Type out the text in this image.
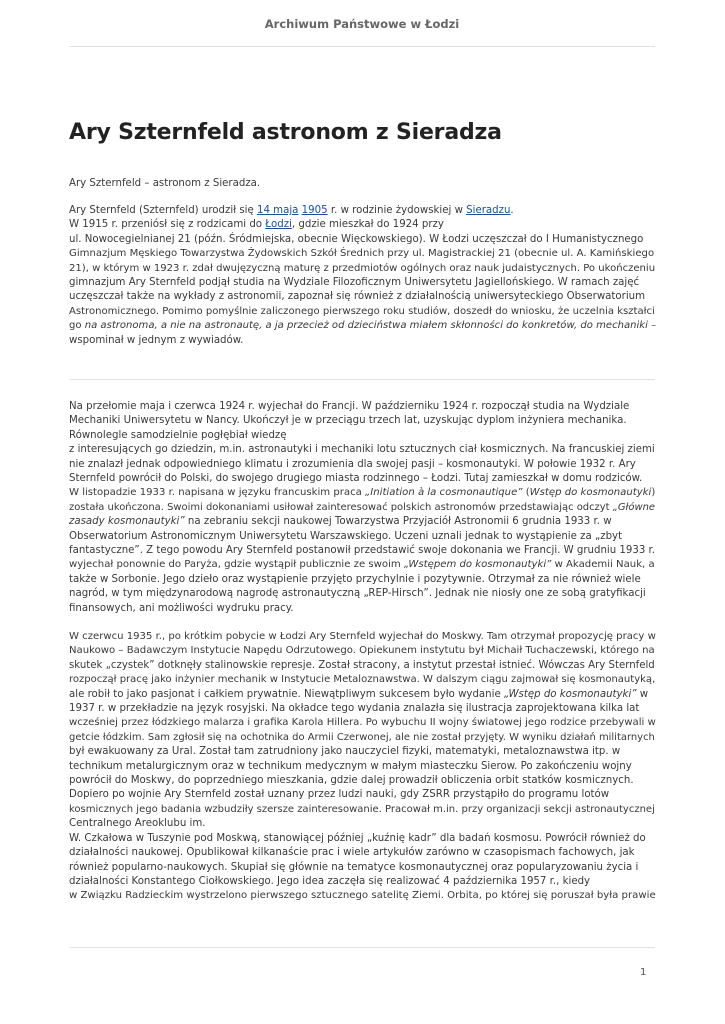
Archiwum Państwowe w Łodzi
Ary Szternfeld astronom z Sieradza

Ary Szternfeld – astronom z Sieradza.

Ary Sternfeld (Szternfeld) urodził się 14 maja 1905 r. w rodzinie żydowskiej w Sieradzu.
W 1915 r. przeniósł się z rodzicami do Łodzi, gdzie mieszkał do 1924 przy
ul. Nowocegielnianej 21 (późn. Śródmiejska, obecnie Więckowskiego). W Łodzi uczęszczał do I Humanistycznego
Gimnazjum Męskiego Towarzystwa Żydowskich Szkół Średnich przy ul. Magistrackiej 21 (obecnie ul. A. Kamińskiego
21), w którym w 1923 r. zdał dwujęzyczną maturę z przedmiotów ogólnych oraz nauk judaistycznych. Po ukończeniu
gimnazjum Ary Sternfeld podjął studia na Wydziale Filozoficznym Uniwersytetu Jagiellońskiego. W ramach zajęć
uczęszczał także na wykłady z astronomii, zapoznał się również z działalnością uniwersyteckiego Obserwatorium
Astronomicznego. Pomimo pomyślnie zaliczonego pierwszego roku studiów, doszedł do wniosku, że uczelnia kształci
go na astronoma, a nie na astronautę, a ja przecież od dzieciństwa miałem skłonności do konkretów, do mechaniki –
wspominał w jednym z wywiadów.

Na przełomie maja i czerwca 1924 r. wyjechał do Francji. W październiku 1924 r. rozpoczął studia na Wydziale
Mechaniki Uniwersytetu w Nancy. Ukończył je w przeciągu trzech lat, uzyskując dyplom inżyniera mechanika.
Równolegle samodzielnie pogłębiał wiedzę
z interesujących go dziedzin, m.in. astronautyki i mechaniki lotu sztucznych ciał kosmicznych. Na francuskiej ziemi
nie znalazł jednak odpowiedniego klimatu i zrozumienia dla swojej pasji – kosmonautyki. W połowie 1932 r. Ary
Sternfeld powrócił do Polski, do swojego drugiego miasta rodzinnego – Łodzi. Tutaj zamieszkał w domu rodziców.
W listopadzie 1933 r. napisana w języku francuskim praca „Initiation à la cosmonautique” (Wstęp do kosmonautyki)
została ukończona. Swoimi dokonaniami usiłował zainteresować polskich astronomów przedstawiając odczyt „Główne
zasady kosmonautyki” na zebraniu sekcji naukowej Towarzystwa Przyjaciół Astronomii 6 grudnia 1933 r. w
Obserwatorium Astronomicznym Uniwersytetu Warszawskiego. Uczeni uznali jednak to wystąpienie za „zbyt
fantastyczne”. Z tego powodu Ary Sternfeld postanowił przedstawić swoje dokonania we Francji. W grudniu 1933 r.
wyjechał ponownie do Paryża, gdzie wystąpił publicznie ze swoim „Wstępem do kosmonautyki” w Akademii Nauk, a
także w Sorbonie. Jego dzieło oraz wystąpienie przyjęto przychylnie i pozytywnie. Otrzymał za nie również wiele
nagród, w tym międzynarodową nagrodę astronautyczną „REP-Hirsch”. Jednak nie niosły one ze sobą gratyfikacji
finansowych, ani możliwości wydruku pracy.

W czerwcu 1935 r., po krótkim pobycie w Łodzi Ary Sternfeld wyjechał do Moskwy. Tam otrzymał propozycję pracy w
Naukowo – Badawczym Instytucie Napędu Odrzutowego. Opiekunem instytutu był Michaił Tuchaczewski, którego na
skutek „czystek” dotknęły stalinowskie represje. Został stracony, a instytut przestał istnieć. Wówczas Ary Sternfeld
rozpoczął pracę jako inżynier mechanik w Instytucie Metaloznawstwa. W dalszym ciągu zajmował się kosmonautyką,
ale robił to jako pasjonat i całkiem prywatnie. Niewątpliwym sukcesem było wydanie „Wstęp do kosmonautyki” w
1937 r. w przekładzie na język rosyjski. Na okładce tego wydania znalazła się ilustracja zaprojektowana kilka lat
wcześniej przez łódzkiego malarza i grafika Karola Hillera. Po wybuchu II wojny światowej jego rodzice przebywali w
getcie łódzkim. Sam zgłosił się na ochotnika do Armii Czerwonej, ale nie został przyjęty. W wyniku działań militarnych
był ewakuowany za Ural. Został tam zatrudniony jako nauczyciel fizyki, matematyki, metaloznawstwa itp. w
technikum metalurgicznym oraz w technikum medycznym w małym miasteczku Sierow. Po zakończeniu wojny
powrócił do Moskwy, do poprzedniego mieszkania, gdzie dalej prowadził obliczenia orbit statków kosmicznych.
Dopiero po wojnie Ary Sternfeld został uznany przez ludzi nauki, gdy ZSRR przystąpiło do programu lotów
kosmicznych jego badania wzbudziły szersze zainteresowanie. Pracował m.in. przy organizacji sekcji astronautycznej
Centralnego Areoklubu im.
W. Czkałowa w Tuszynie pod Moskwą, stanowiącej później „kuźnię kadr” dla badań kosmosu. Powrócił również do
działalności naukowej. Opublikował kilkanaście prac i wiele artykułów zarówno w czasopismach fachowych, jak
również popularno-naukowych. Skupiał się głównie na tematyce kosmonautycznej oraz popularyzowaniu życia i
działalności Konstantego Ciołkowskiego. Jego idea zaczęła się realizować 4 października 1957 r., kiedy
w Związku Radzieckim wystrzelono pierwszego sztucznego satelitę Ziemi. Orbita, po której się poruszał była prawie

1
